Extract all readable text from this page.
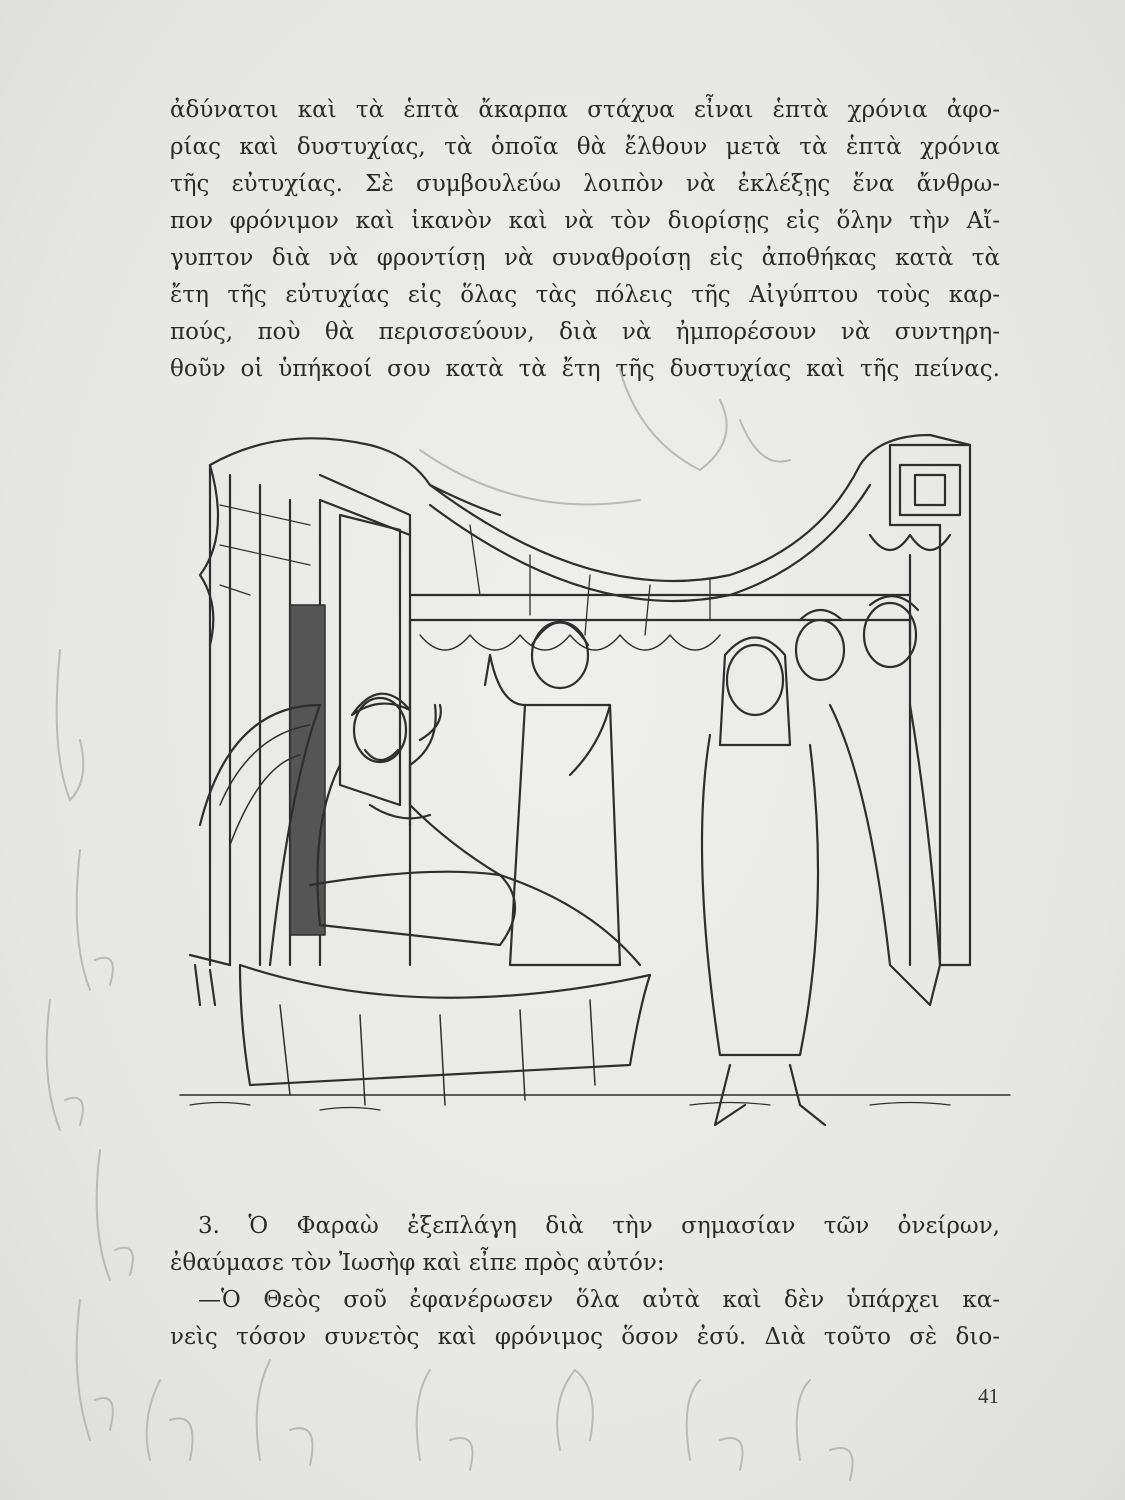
ἀδύνατοι καὶ τὰ ἑπτὰ ἄκαρπα στάχυα εἶναι ἑπτὰ χρόνια ἀφο-
ρίας καὶ δυστυχίας, τὰ ὁποῖα θὰ ἔλθουν μετὰ τὰ ἑπτὰ χρόνια
τῆς εὐτυχίας. Σὲ συμβουλεύω λοιπὸν νὰ ἐκλέξῃς ἕνα ἄνθρω-
πον φρόνιμον καὶ ἱκανὸν καὶ νὰ τὸν διορίσῃς εἰς ὅλην τὴν Αἴ-
γυπτον διὰ νὰ φροντίσῃ νὰ συναθροίσῃ εἰς ἀποθήκας κατὰ τὰ
ἔτη τῆς εὐτυχίας εἰς ὅλας τὰς πόλεις τῆς Αἰγύπτου τοὺς καρ-
πούς, ποὺ θὰ περισσεύουν, διὰ νὰ ἠμπορέσουν νὰ συντηρη-
θοῦν οἱ ὑπήκοοί σου κατὰ τὰ ἔτη τῆς δυστυχίας καὶ τῆς πείνας.
3. Ὁ Φαραὼ ἐξεπλάγη διὰ τὴν σημασίαν τῶν ὀνείρων,
ἐθαύμασε τὸν Ἰωσὴφ καὶ εἶπε πρὸς αὐτόν:
—Ὁ Θεὸς σοῦ ἐφανέρωσεν ὅλα αὐτὰ καὶ δὲν ὑπάρχει κα-
νεὶς τόσον συνετὸς καὶ φρόνιμος ὅσον ἐσύ. Διὰ τοῦτο σὲ διο-
41
